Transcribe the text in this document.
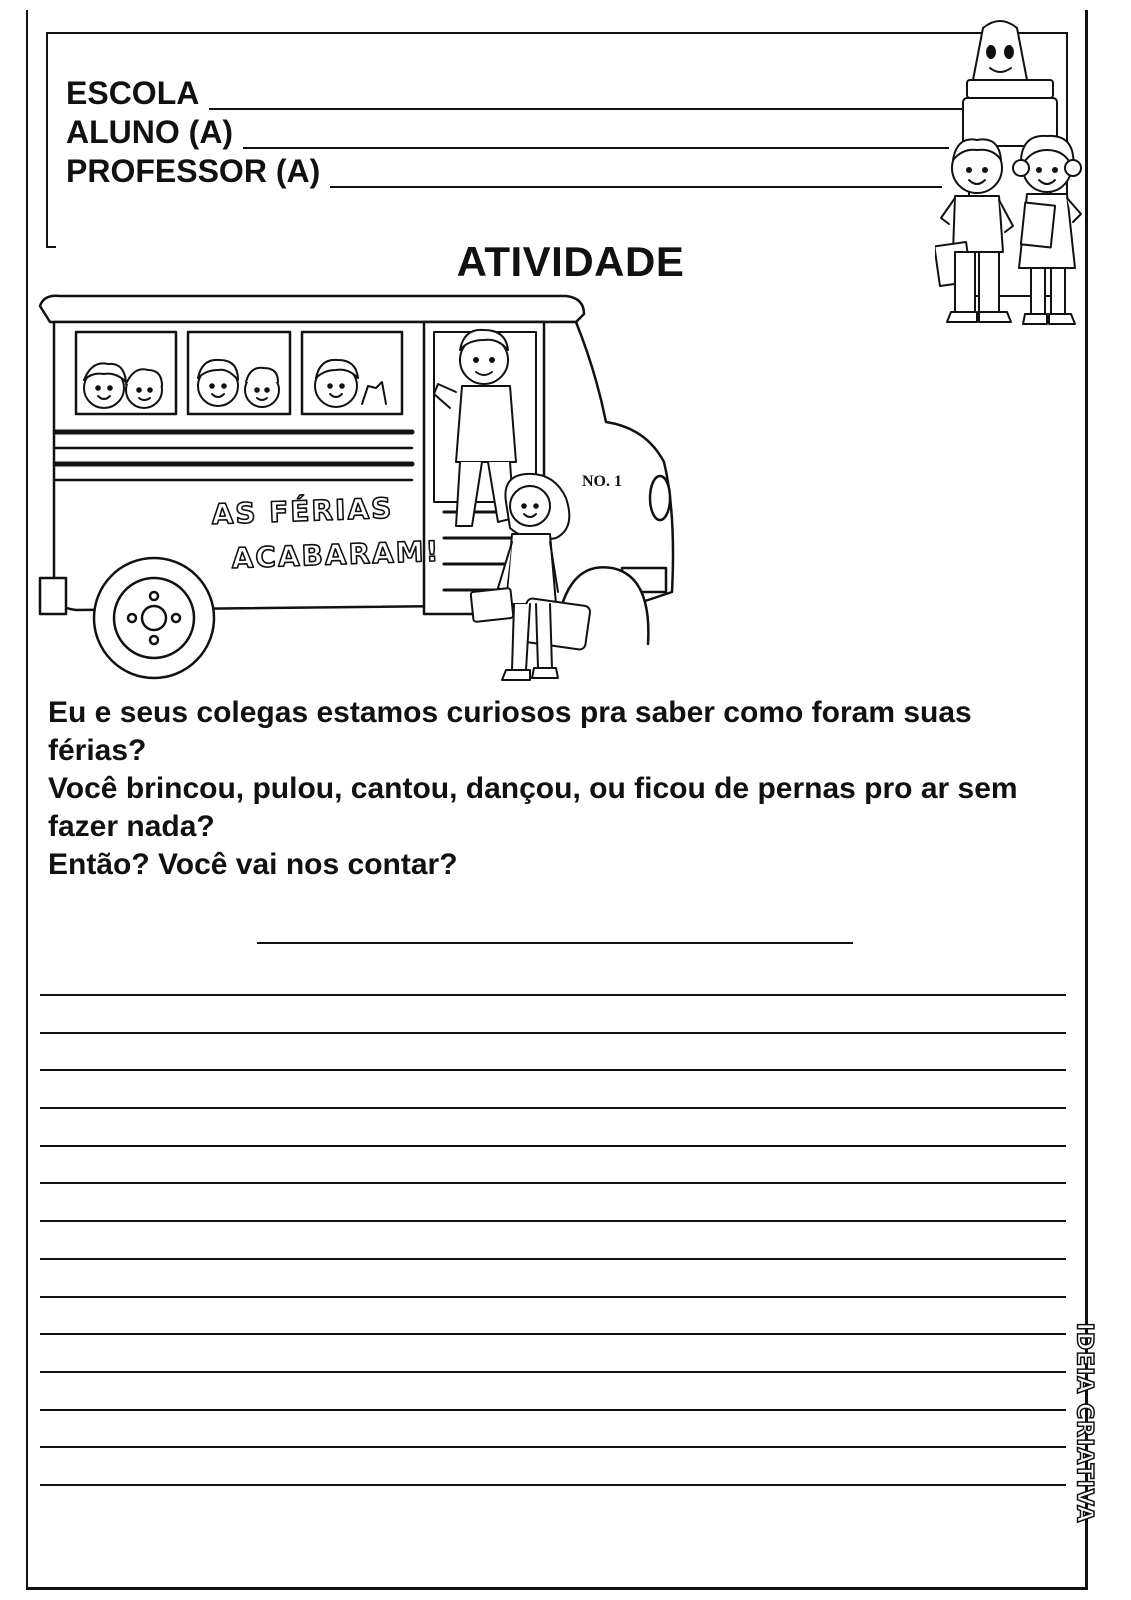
ESCOLA
ALUNO (A)
PROFESSOR (A)
ATIVIDADE
NO. 1
AS FÉRIAS
ACABARAM!

Eu e seus colegas estamos curiosos pra saber como foram suas férias?

Você brincou, pulou, cantou, dançou, ou ficou de pernas pro ar sem fazer nada?

Então? Você vai nos contar?

IDEIA CRIATIVA
